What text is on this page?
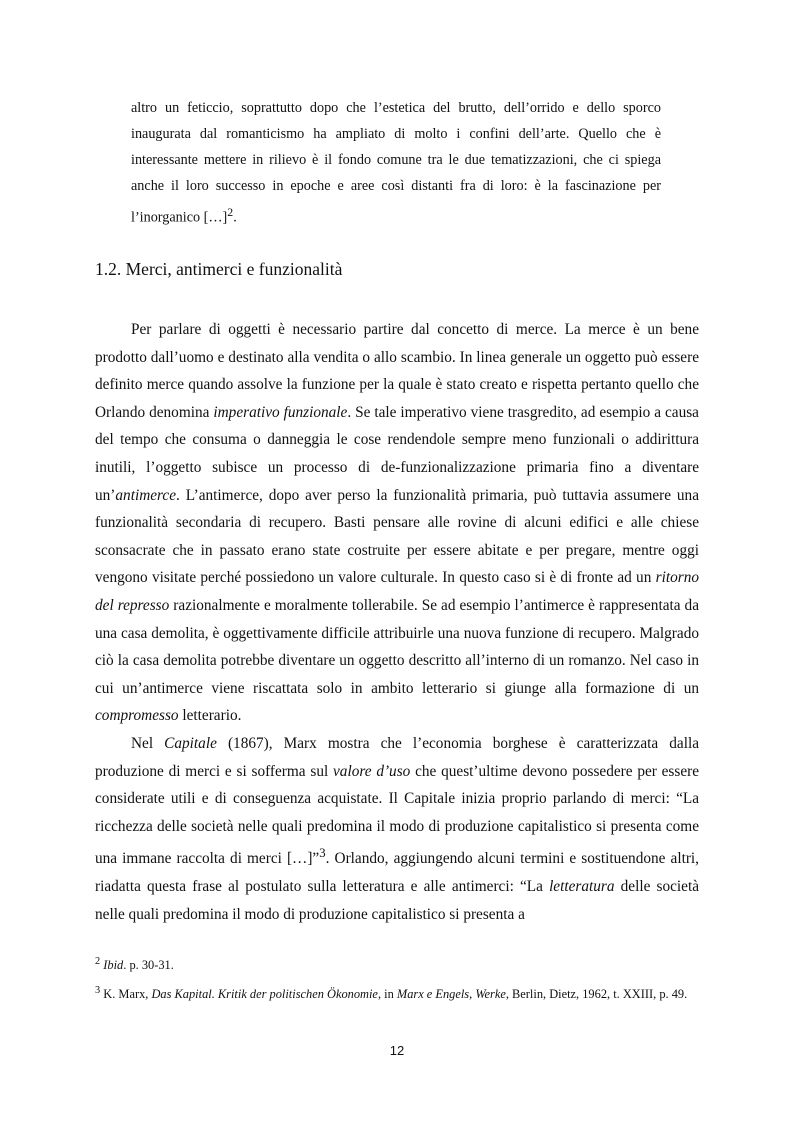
altro un feticcio, soprattutto dopo che l’estetica del brutto, dell’orrido e dello sporco inaugurata dal romanticismo ha ampliato di molto i confini dell’arte. Quello che è interessante mettere in rilievo è il fondo comune tra le due tematizzazioni, che ci spiega anche il loro successo in epoche e aree così distanti fra di loro: è la fascinazione per l’inorganico […]$^2$.

1.2. Merci, antimerci e funzionalità

Per parlare di oggetti è necessario partire dal concetto di merce. La merce è un bene prodotto dall’uomo e destinato alla vendita o allo scambio. In linea generale un oggetto può essere definito merce quando assolve la funzione per la quale è stato creato e rispetta pertanto quello che Orlando denomina imperativo funzionale. Se tale imperativo viene trasgredito, ad esempio a causa del tempo che consuma o danneggia le cose rendendole sempre meno funzionali o addirittura inutili, l’oggetto subisce un processo di de-funzionalizzazione primaria fino a diventare un’antimerce. L’antimerce, dopo aver perso la funzionalità primaria, può tuttavia assumere una funzionalità secondaria di recupero. Basti pensare alle rovine di alcuni edifici e alle chiese sconsacrate che in passato erano state costruite per essere abitate e per pregare, mentre oggi vengono visitate perché possiedono un valore culturale. In questo caso si è di fronte ad un ritorno del represso razionalmente e moralmente tollerabile. Se ad esempio l’antimerce è rappresentata da una casa demolita, è oggettivamente difficile attribuirle una nuova funzione di recupero. Malgrado ciò la casa demolita potrebbe diventare un oggetto descritto all’interno di un romanzo. Nel caso in cui un’antimerce viene riscattata solo in ambito letterario si giunge alla formazione di un compromesso letterario.

Nel Capitale (1867), Marx mostra che l’economia borghese è caratterizzata dalla produzione di merci e si sofferma sul valore d’uso che quest’ultime devono possedere per essere considerate utili e di conseguenza acquistate. Il Capitale inizia proprio parlando di merci: “La ricchezza delle società nelle quali predomina il modo di produzione capitalistico si presenta come una immane raccolta di merci […]”$^3$. Orlando, aggiungendo alcuni termini e sostituendone altri, riadatta questa frase al postulato sulla letteratura e alle antimerci: “La letteratura delle società nelle quali predomina il modo di produzione capitalistico si presenta a

$^2$ Ibid. p. 30-31.

$^3$ K. Marx, Das Kapital. Kritik der politischen Ökonomie, in Marx e Engels, Werke, Berlin, Dietz, 1962, t. XXIII, p. 49.

12
